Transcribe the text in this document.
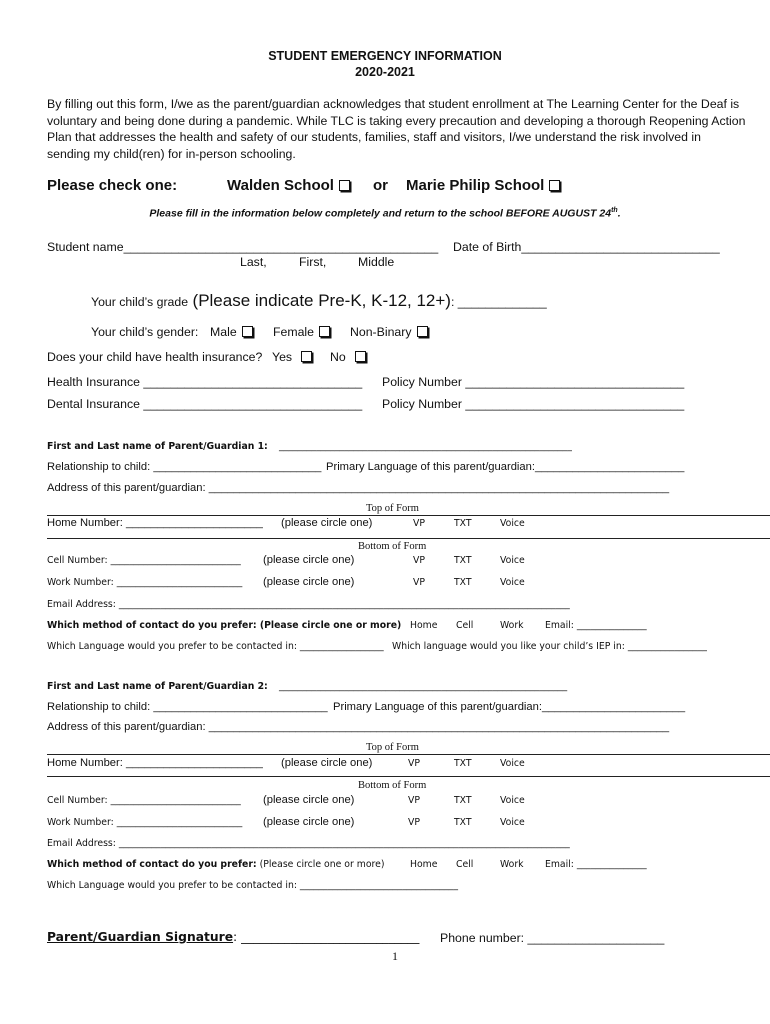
STUDENT EMERGENCY INFORMATION
2020-2021
By filling out this form, I/we as the parent/guardian acknowledges that student enrollment at The Learning Center for the Deaf is voluntary and being done during a pandemic. While TLC is taking every precaution and developing a thorough Reopening Action Plan that addresses the health and safety of our students, families, staff and visitors, I/we understand the risk involved in sending my child(ren) for in-person schooling.
Please check one:	Walden School	or Marie Philip School
Please fill in the information below completely and return to the school BEFORE AUGUST 24th.
Student name______________________________________________ Date of Birth_____________________________
Last,	First,	Middle
Your child’s grade (Please indicate Pre-K, K-12, 12+): _____________
Your child’s gender: Male	Female	Non-Binary
Does your child have health insurance? Yes	No
Health Insurance ________________________________ Policy Number ________________________________
Dental Insurance ________________________________ Policy Number ________________________________
First and Last name of Parent/Guardian 1: _______________________________________________________________
Relationship to child: ___________________________ Primary Language of this parent/guardian:________________________
Address of this parent/guardian: __________________________________________________________________________
Top of Form
Home Number: ______________________ (please circle one)	VP	TXT	Voice
Bottom of Form
Cell Number: ____________________________ (please circle one)	VP	TXT	Voice
Work Number: ___________________________ (please circle one)	VP	TXT	Voice
Email Address: _________________________________________________________________________________________________
Which method of contact do you prefer: (Please circle one or more) Home Cell	Work Email: _______________
Which Language would you prefer to be contacted in: __________________ Which language would you like your child’s IEP in: _________________
First and Last name of Parent/Guardian 2: ______________________________________________________________
Relationship to child: ____________________________ Primary Language of this parent/guardian:_______________________
Address of this parent/guardian: __________________________________________________________________________
Top of Form
Home Number: ______________________ (please circle one)	VP	TXT	Voice
Bottom of Form
Cell Number: ____________________________ (please circle one)	VP	TXT	Voice
Work Number: ___________________________ (please circle one)	VP	TXT	Voice
Email Address: _________________________________________________________________________________________________
Which method of contact do you prefer: (Please circle one or more)	Home Cell	Work Email: _______________
Which Language would you prefer to be contacted in: __________________________________
Parent/Guardian Signature: _____________________________ Phone number: ____________________
1
